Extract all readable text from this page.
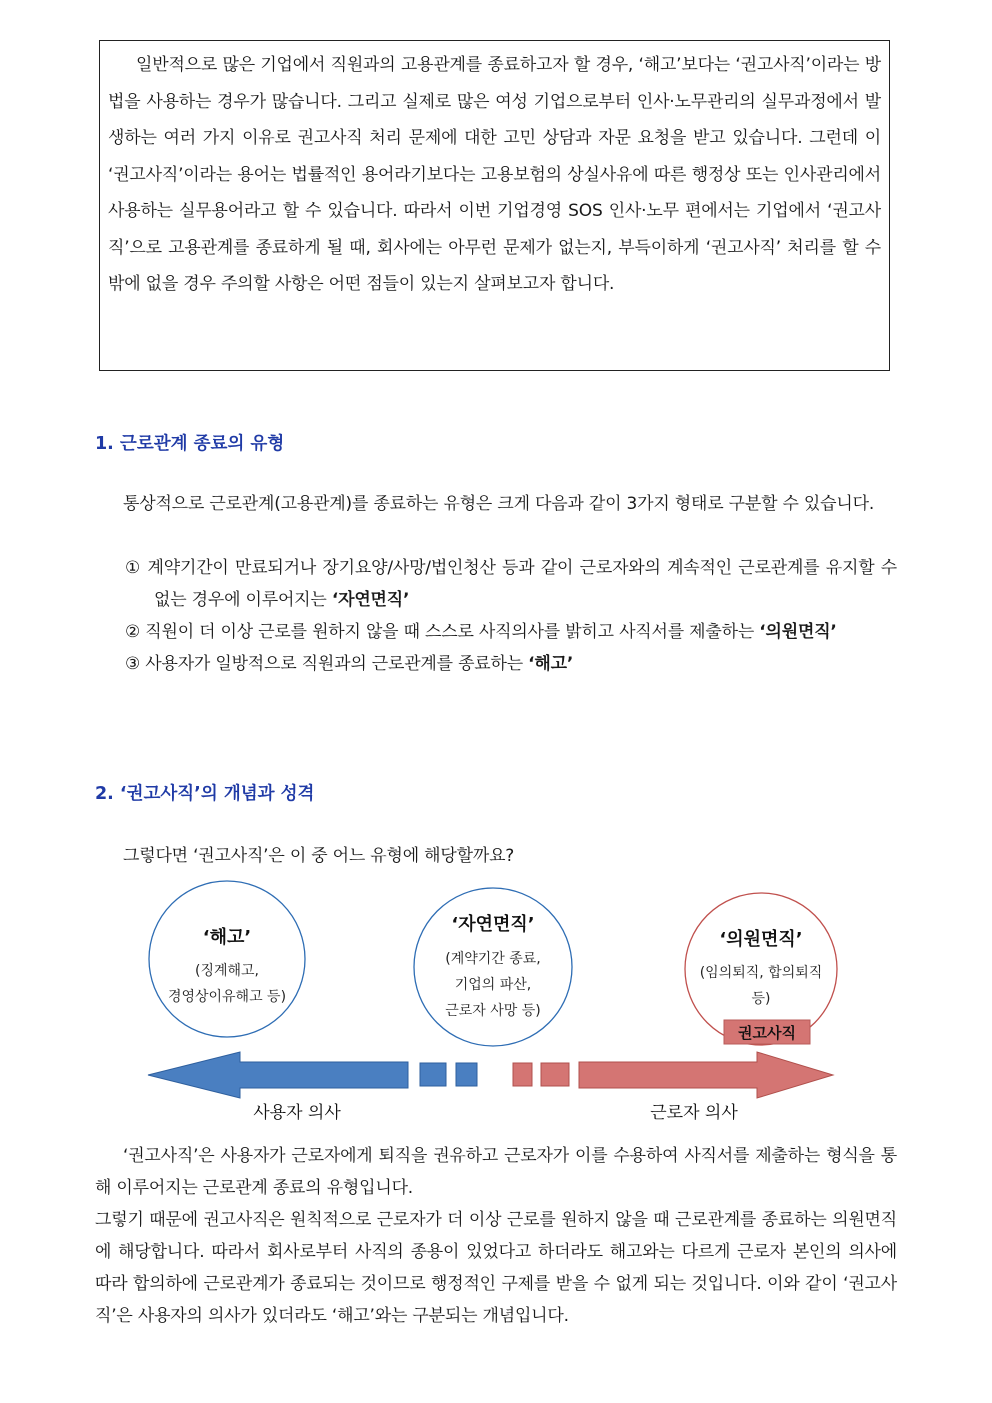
일반적으로 많은 기업에서 직원과의 고용관계를 종료하고자 할 경우, ‘해고’보다는 ‘권고사직’이라는 방법을 사용하는 경우가 많습니다. 그리고 실제로 많은 여성 기업으로부터 인사·노무관리의 실무과정에서 발생하는 여러 가지 이유로 권고사직 처리 문제에 대한 고민 상담과 자문 요청을 받고 있습니다. 그런데 이 ‘권고사직’이라는 용어는 법률적인 용어라기보다는 고용보험의 상실사유에 따른 행정상 또는 인사관리에서 사용하는 실무용어라고 할 수 있습니다. 따라서 이번 기업경영 SOS 인사·노무 편에서는 기업에서 ‘권고사직’으로 고용관계를 종료하게 될 때, 회사에는 아무런 문제가 없는지, 부득이하게 ‘권고사직’ 처리를 할 수밖에 없을 경우 주의할 사항은 어떤 점들이 있는지 살펴보고자 합니다.

1. 근로관계 종료의 유형

통상적으로 근로관계(고용관계)를 종료하는 유형은 크게 다음과 같이 3가지 형태로 구분할 수 있습니다.

① 계약기간이 만료되거나 장기요양/사망/법인청산 등과 같이 근로자와의 계속적인 근로관계를 유지할 수 없는 경우에 이루어지는 ‘자연면직’
② 직원이 더 이상 근로를 원하지 않을 때 스스로 사직의사를 밝히고 사직서를 제출하는 ‘의원면직’
③ 사용자가 일방적으로 직원과의 근로관계를 종료하는 ‘해고’
2. ‘권고사직’의 개념과 성격

그렇다면 ‘권고사직’은 이 중 어느 유형에 해당할까요?

‘해고’
(징계해고,
경영상이유해고 등)
‘자연면직’
(계약기간 종료,
기업의 파산,
근로자 사망 등)
‘의원면직’
(임의퇴직, 합의퇴직
등)
권고사직
사용자 의사	근로자 의사

‘권고사직’은 사용자가 근로자에게 퇴직을 권유하고 근로자가 이를 수용하여 사직서를 제출하는 형식을 통해 이루어지는 근로관계 종료의 유형입니다.

그렇기 때문에 권고사직은 원칙적으로 근로자가 더 이상 근로를 원하지 않을 때 근로관계를 종료하는 의원면직에 해당합니다. 따라서 회사로부터 사직의 종용이 있었다고 하더라도 해고와는 다르게 근로자 본인의 의사에 따라 합의하에 근로관계가 종료되는 것이므로 행정적인 구제를 받을 수 없게 되는 것입니다. 이와 같이 ‘권고사직’은 사용자의 의사가 있더라도 ‘해고’와는 구분되는 개념입니다.
